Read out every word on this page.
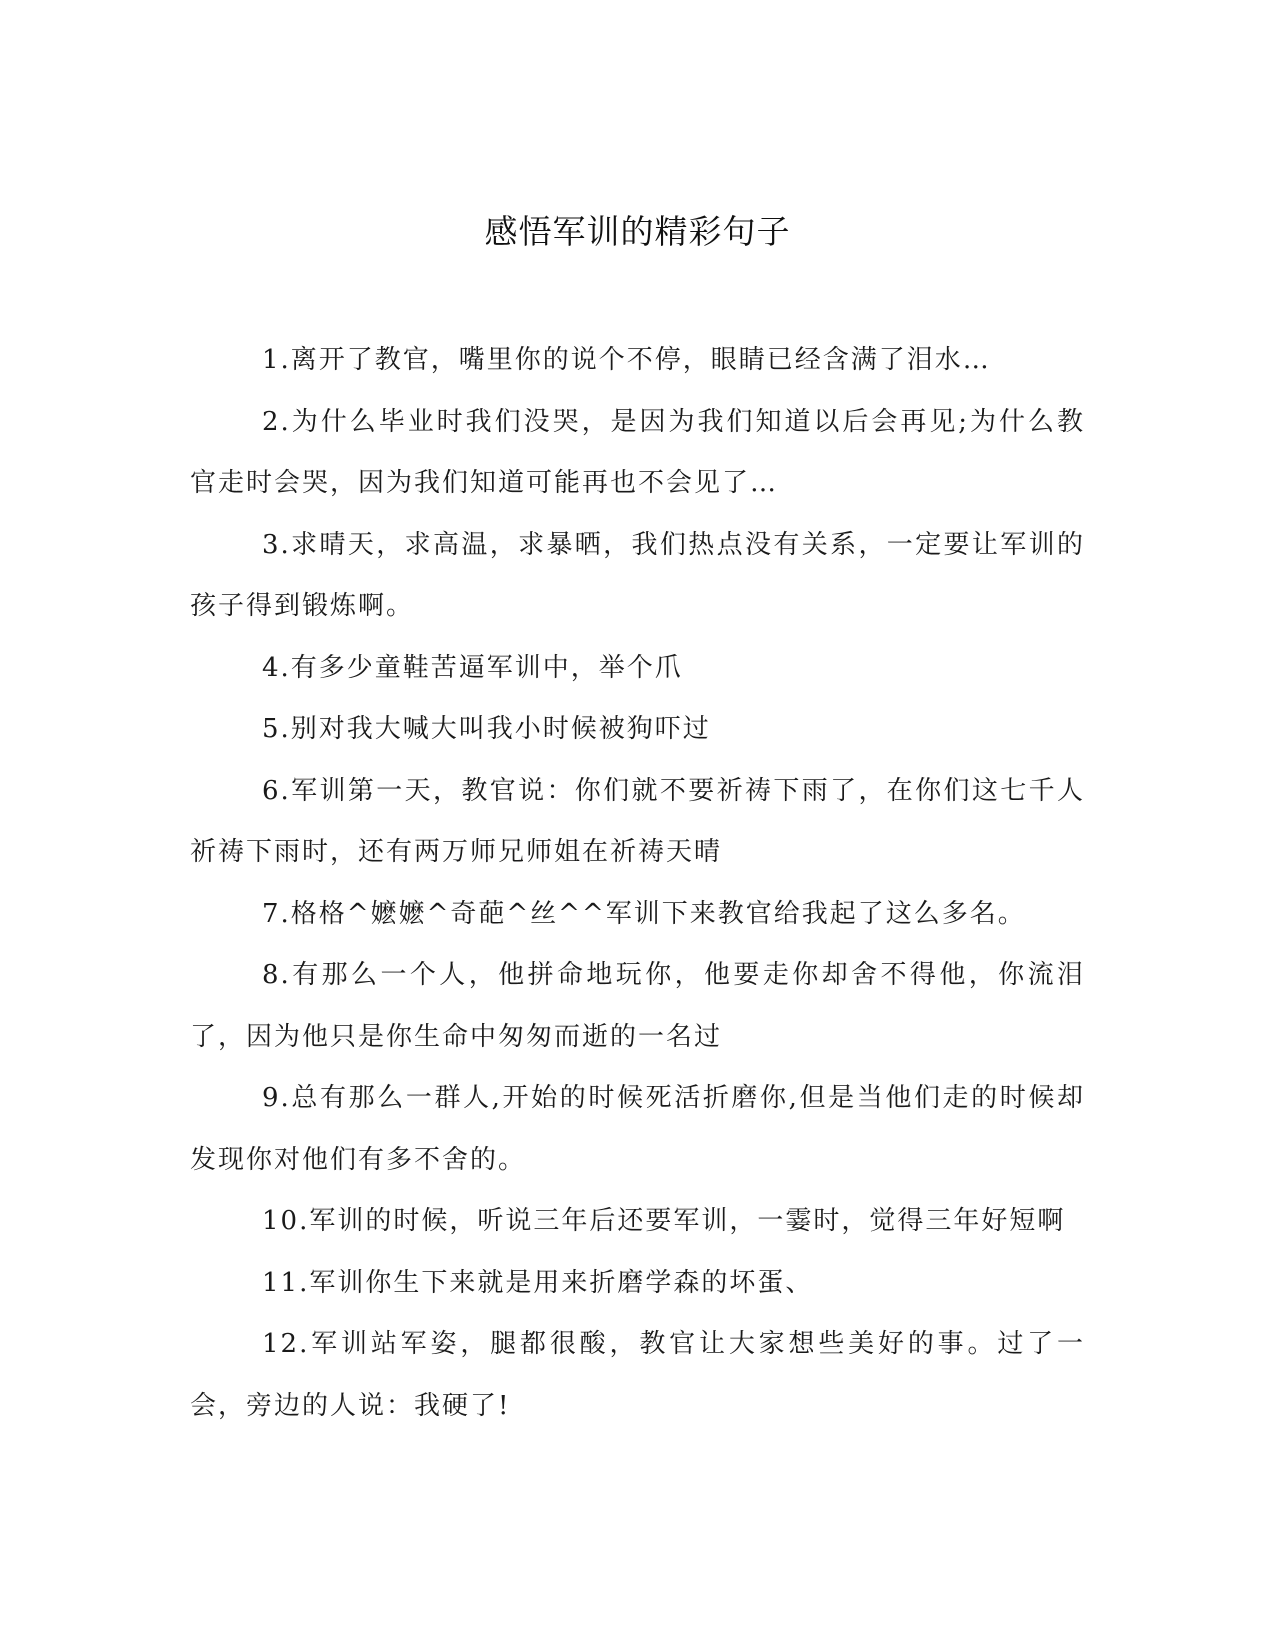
感悟军训的精彩句子

1.离开了教官，嘴里你的说个不停，眼睛已经含满了泪水…

2.为什么毕业时我们没哭，是因为我们知道以后会再见;为什么教官走时会哭，因为我们知道可能再也不会见了…

3.求晴天，求高温，求暴晒，我们热点没有关系，一定要让军训的孩子得到锻炼啊。

4.有多少童鞋苦逼军训中，举个爪

5.别对我大喊大叫我小时候被狗吓过

6.军训第一天，教官说：你们就不要祈祷下雨了，在你们这七千人祈祷下雨时，还有两万师兄师姐在祈祷天晴

7.格格^嬷嬷^奇葩^丝^^军训下来教官给我起了这么多名。

8.有那么一个人，他拼命地玩你，他要走你却舍不得他，你流泪了，因为他只是你生命中匆匆而逝的一名过

9.总有那么一群人,开始的时候死活折磨你,但是当他们走的时候却发现你对他们有多不舍的。

10.军训的时候，听说三年后还要军训，一霎时，觉得三年好短啊

11.军训你生下来就是用来折磨学森的坏蛋、

12.军训站军姿，腿都很酸，教官让大家想些美好的事。过了一会，旁边的人说：我硬了!
